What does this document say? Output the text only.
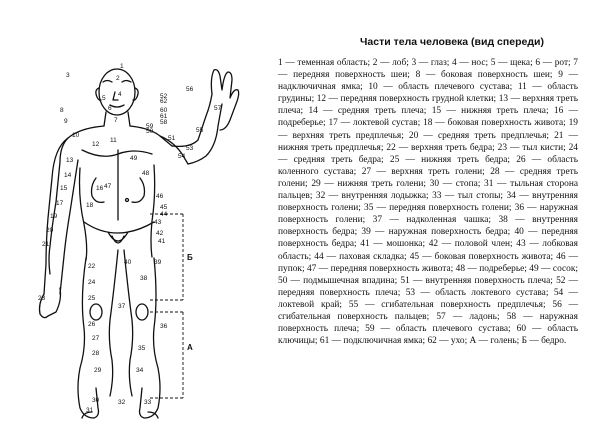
1
2
3
4
5
6
7
8
9
10
11
12
13
14
15	16
17	18
19
20
21
22
23
24
25
26
27
28
29
30
31
32	33
34
35
36
37
38
39
40
41
42
43
44
45
46
47
48
49
50
51
52
53
54
55
56
57
58
59
60
61
62
Б
А
Части тела человека (вид спереди)

1 — теменная область; 2 — лоб; 3 — глаз; 4 — нос; 5 — щека; 6 — рот; 7 — передняя поверхность шеи; 8 — боковая поверхность шеи; 9 — надключичная ямка; 10 — область плечевого сустава; 11 — область грудины; 12 — передняя поверхность грудной клетки; 13 — верхняя треть плеча; 14 — средняя треть плеча; 15 — нижняя треть плеча; 16 — подреберье; 17 — локтевой сустав; 18 — боковая поверхность живота; 19 — верхняя треть предплечья; 20 — средняя треть предплечья; 21 — нижняя треть предплечья; 22 — верхняя треть бедра; 23 — тыл кисти; 24 — средняя треть бедра; 25 — нижняя треть бедра; 26 — область коленного сустава; 27 — верхняя треть голени; 28 — средняя треть голени; 29 — нижняя треть голени; 30 — стопа; 31 — тыльная сторона пальцев; 32 — внутренняя лодыжка; 33 — тыл стопы; 34 — внутренняя поверхность голени; 35 — передняя поверхность голени; 36 — наружная поверхность голени; 37 — надколенная чашка; 38 — внутренняя поверхность бедра; 39 — наружная поверхность бедра; 40 — передняя поверхность бедра; 41 — мошонка; 42 — половой член; 43 — лобковая область; 44 — паховая складка; 45 — боковая поверхность живота; 46 — пупок; 47 — передняя поверхность живота; 48 — подреберье; 49 — сосок; 50 — подмышечная впадина; 51 — внутренняя поверхность плеча; 52 — передняя поверхность плеча; 53 — область локтевого сустава; 54 — локтевой край; 55 — сгибательная поверхность предплечья; 56 — сгибательная поверхность пальцев; 57 — ладонь; 58 — наружная поверхность плеча; 59 — область плечевого сустава; 60 — область ключицы; 61 — подключичная ямка; 62 — ухо; А — голень; Б — бедро.
